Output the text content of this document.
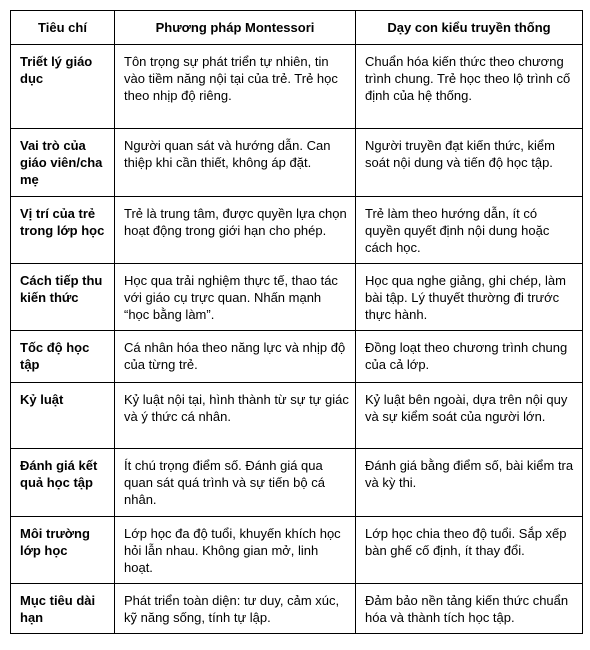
Tiêu chí	Phương pháp Montessori	Dạy con kiểu truyền thống
Triết lý giáo dục	Tôn trọng sự phát triển tự nhiên, tin vào tiềm năng nội tại của trẻ. Trẻ học theo nhịp độ riêng.	Chuẩn hóa kiến thức theo chương trình chung. Trẻ học theo lộ trình cố định của hệ thống.
Vai trò của giáo viên/cha mẹ	Người quan sát và hướng dẫn. Can thiệp khi cần thiết, không áp đặt.	Người truyền đạt kiến thức, kiểm soát nội dung và tiến độ học tập.
Vị trí của trẻ trong lớp học	Trẻ là trung tâm, được quyền lựa chọn hoạt động trong giới hạn cho phép.	Trẻ làm theo hướng dẫn, ít có quyền quyết định nội dung hoặc cách học.
Cách tiếp thu kiến thức	Học qua trải nghiệm thực tế, thao tác với giáo cụ trực quan. Nhấn mạnh “học bằng làm”.	Học qua nghe giảng, ghi chép, làm bài tập. Lý thuyết thường đi trước thực hành.
Tốc độ học tập	Cá nhân hóa theo năng lực và nhịp độ của từng trẻ.	Đồng loạt theo chương trình chung của cả lớp.
Kỷ luật	Kỷ luật nội tại, hình thành từ sự tự giác và ý thức cá nhân.	Kỷ luật bên ngoài, dựa trên nội quy và sự kiểm soát của người lớn.
Đánh giá kết quả học tập	Ít chú trọng điểm số. Đánh giá qua quan sát quá trình và sự tiến bộ cá nhân.	Đánh giá bằng điểm số, bài kiểm tra và kỳ thi.
Môi trường lớp học	Lớp học đa độ tuổi, khuyến khích học hỏi lẫn nhau. Không gian mở, linh hoạt.	Lớp học chia theo độ tuổi. Sắp xếp bàn ghế cố định, ít thay đổi.
Mục tiêu dài hạn	Phát triển toàn diện: tư duy, cảm xúc, kỹ năng sống, tính tự lập.	Đảm bảo nền tảng kiến thức chuẩn hóa và thành tích học tập.
